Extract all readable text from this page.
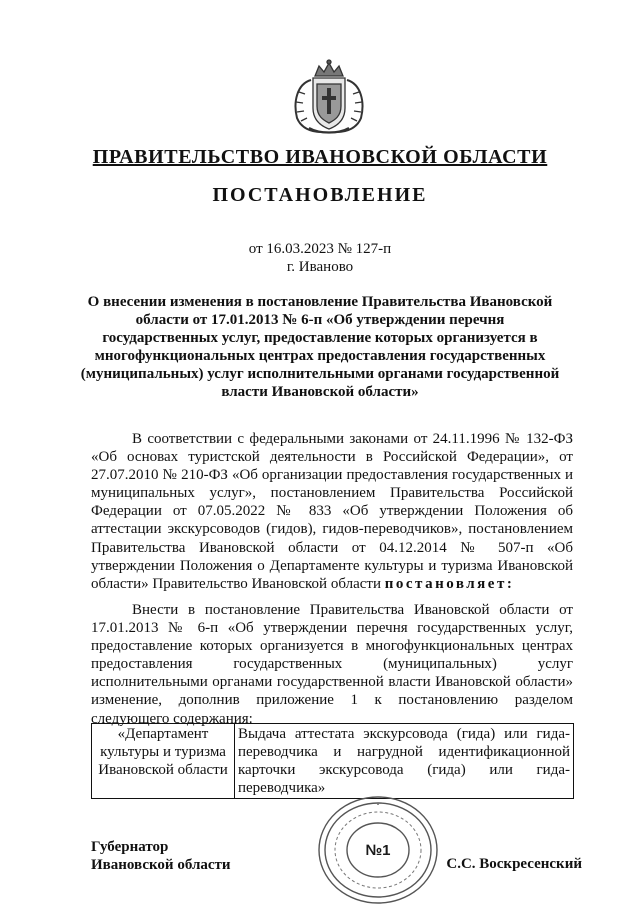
ПРАВИТЕЛЬСТВО ИВАНОВСКОЙ ОБЛАСТИ
ПОСТАНОВЛЕНИЕ
от 16.03.2023 № 127-п
г. Иваново
О внесении изменения в постановление Правительства Ивановской области от 17.01.2013 № 6-п «Об утверждении перечня государственных услуг, предоставление которых организуется в многофункциональных центрах предоставления государственных (муниципальных) услуг исполнительными органами государственной власти Ивановской области»
В соответствии с федеральными законами от 24.11.1996 № 132-ФЗ «Об основах туристской деятельности в Российской Федерации», от 27.07.2010 № 210-ФЗ «Об организации предоставления государственных и муниципальных услуг», постановлением Правительства Российской Федерации от 07.05.2022 № 833 «Об утверждении Положения об аттестации экскурсоводов (гидов), гидов-переводчиков», постановлением Правительства Ивановской области от 04.12.2014 № 507-п «Об утверждении Положения о Департаменте культуры и туризма Ивановской области» Правительство Ивановской области постановляет:
Внести в постановление Правительства Ивановской области от 17.01.2013 № 6-п «Об утверждении перечня государственных услуг, предоставление которых организуется в многофункциональных центрах предоставления государственных (муниципальных) услуг исполнительными органами государственной власти Ивановской области» изменение, дополнив приложение 1 к постановлению разделом следующего содержания:
«Департамент культуры и туризма Ивановской области	Выдача аттестата экскурсовода (гида) или гида-переводчика и нагрудной идентификационной карточки экскурсовода (гида) или гида-переводчика»
Губернатор
Ивановской области
№1
С.С. Воскресенский
